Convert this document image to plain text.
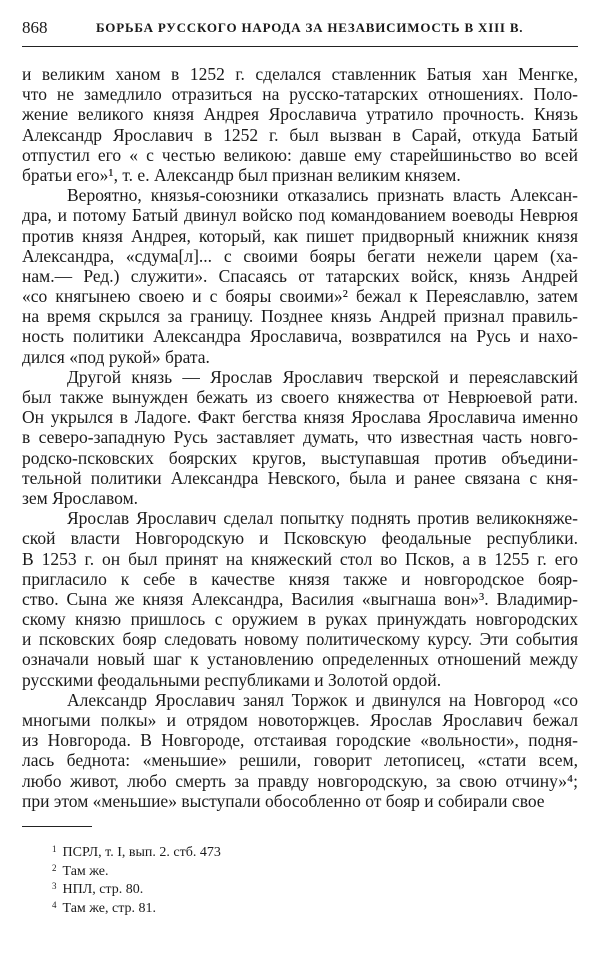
868	БОРЬБА РУССКОГО НАРОДА ЗА НЕЗАВИСИМОСТЬ В XIII В.
и великим ханом в 1252 г. сделался ставленник Батыя хан Менгке,
что не замедлило отразиться на русско-татарских отношениях. Поло-
жение великого князя Андрея Ярославича утратило прочность. Князь
Александр Ярославич в 1252 г. был вызван в Сарай, откуда Батый
отпустил его « с честью великою: давше ему старейшиньство во всей
братьи его»¹, т. е. Александр был признан великим князем.
Вероятно, князья-союзники отказались признать власть Алексан-
дра, и потому Батый двинул войско под командованием воеводы Неврюя
против князя Андрея, который, как пишет придворный книжник князя
Александра, «сдума[л]... с своими бояры бегати нежели царем (ха-
нам.— Ред.) служити». Спасаясь от татарских войск, князь Андрей
«со княгынею своею и с бояры своими»² бежал к Переяславлю, затем
на время скрылся за границу. Позднее князь Андрей признал правиль-
ность политики Александра Ярославича, возвратился на Русь и нахо-
дился «под рукой» брата.
Другой князь — Ярослав Ярославич тверской и переяславский
был также вынужден бежать из своего княжества от Неврюевой рати.
Он укрылся в Ладоге. Факт бегства князя Ярослава Ярославича именно
в северо-западную Русь заставляет думать, что известная часть новго-
родско-псковских боярских кругов, выступавшая против объедини-
тельной политики Александра Невского, была и ранее связана с кня-
зем Ярославом.
Ярослав Ярославич сделал попытку поднять против великокняже-
ской власти Новгородскую и Псковскую феодальные республики.
В 1253 г. он был принят на княжеский стол во Псков, а в 1255 г. его
пригласило к себе в качестве князя также и новгородское бояр-
ство. Сына же князя Александра, Василия «выгнаша вон»³. Владимир-
скому князю пришлось с оружием в руках принуждать новгородских
и псковских бояр следовать новому политическому курсу. Эти события
означали новый шаг к установлению определенных отношений между
русскими феодальными республиками и Золотой ордой.
Александр Ярославич занял Торжок и двинулся на Новгород «со
многыми полкы» и отрядом новоторжцев. Ярослав Ярославич бежал
из Новгорода. В Новгороде, отстаивая городские «вольности», подня-
лась беднота: «меньшие» решили, говорит летописец, «стати всем,
любо живот, любо смерть за правду новгородскую, за свою отчину»⁴;
при этом «меньшие» выступали обособленно от бояр и собирали свое
$^1$ ПСРЛ, т. I, вып. 2. стб. 473
$^2$ Там же.
$^3$ НПЛ, стр. 80.
$^4$ Там же, стр. 81.
